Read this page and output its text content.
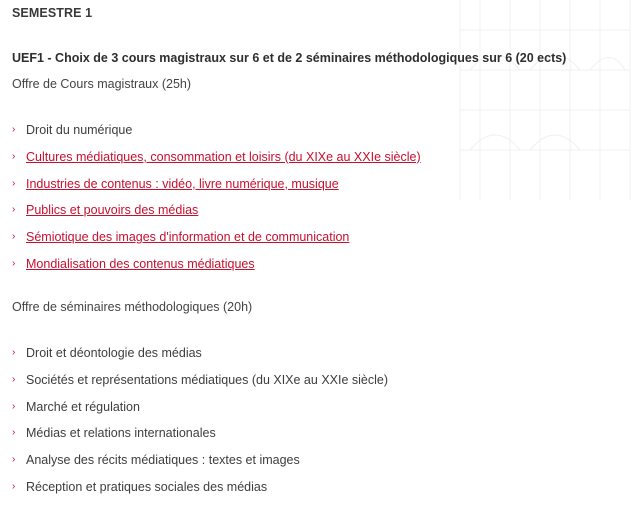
SEMESTRE 1
UEF1 - Choix de 3 cours magistraux sur 6 et de 2 séminaires méthodologiques sur 6 (20 ects)
Offre de Cours magistraux (25h)
› Droit du numérique
› Cultures médiatiques, consommation et loisirs (du XIXe au XXIe siècle)
› Industries de contenus : vidéo, livre numérique, musique
› Publics et pouvoirs des médias
› Sémiotique des images d'information et de communication
› Mondialisation des contenus médiatiques
Offre de séminaires méthodologiques (20h)
› Droit et déontologie des médias
› Sociétés et représentations médiatiques (du XIXe au XXIe siècle)
› Marché et régulation
› Médias et relations internationales
› Analyse des récits médiatiques : textes et images
› Réception et pratiques sociales des médias
